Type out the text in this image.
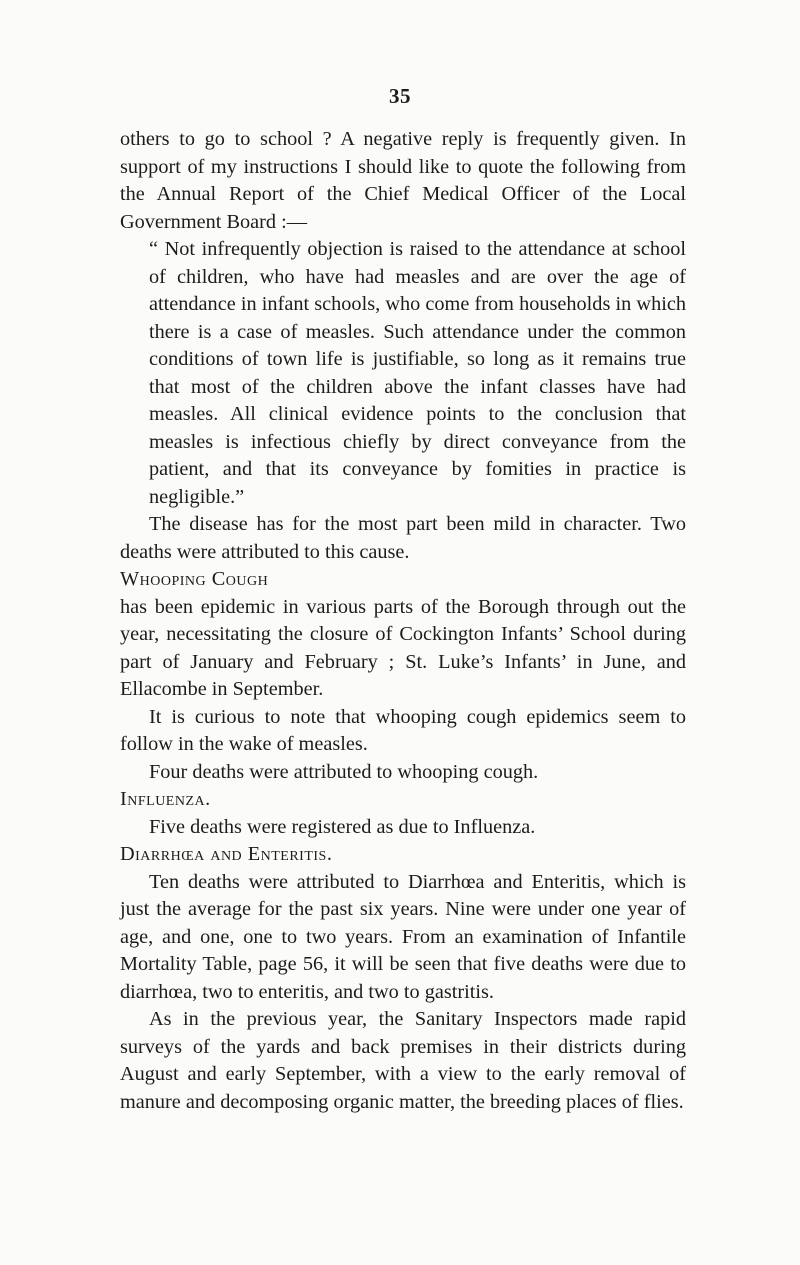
35

others to go to school ? A negative reply is frequently given. In support of my instructions I should like to quote the following from the Annual Report of the Chief Medical Officer of the Local Government Board :—

“ Not infrequently objection is raised to the attendance at school of children, who have had measles and are over the age of attendance in infant schools, who come from households in which there is a case of measles. Such attendance under the common conditions of town life is justifiable, so long as it remains true that most of the children above the infant classes have had measles. All clinical evidence points to the conclusion that measles is infectious chiefly by direct conveyance from the patient, and that its conveyance by fomities in practice is negligible.”

The disease has for the most part been mild in character. Two deaths were attributed to this cause.

Whooping Cough

has been epidemic in various parts of the Borough through out the year, necessitating the closure of Cockington Infants’ School during part of January and February ; St. Luke’s Infants’ in June, and Ellacombe in September.

It is curious to note that whooping cough epidemics seem to follow in the wake of measles.

Four deaths were attributed to whooping cough.

Influenza.

Five deaths were registered as due to Influenza.

Diarrhœa and Enteritis.

Ten deaths were attributed to Diarrhœa and Enteritis, which is just the average for the past six years. Nine were under one year of age, and one, one to two years. From an examination of Infantile Mortality Table, page 56, it will be seen that five deaths were due to diarrhœa, two to enteritis, and two to gastritis.

As in the previous year, the Sanitary Inspectors made rapid surveys of the yards and back premises in their districts during August and early September, with a view to the early removal of manure and decomposing organic matter, the breeding places of flies.
